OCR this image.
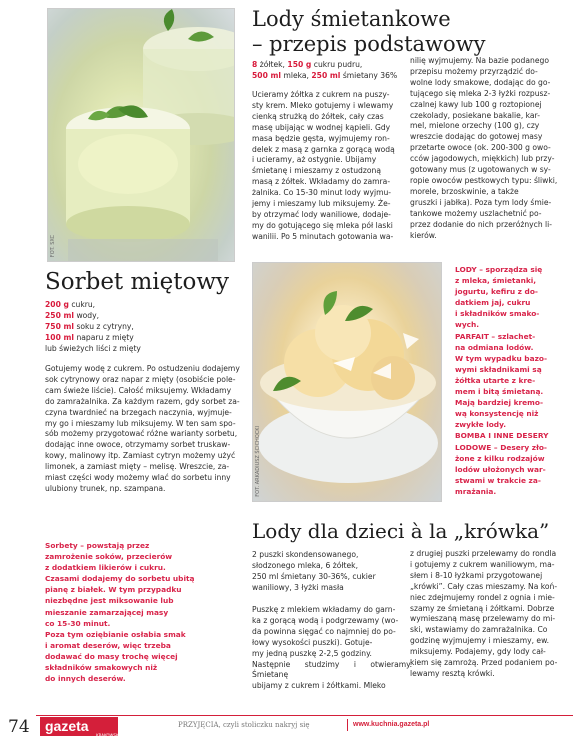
FOT. SXC
Lody śmietankowe
– przepis podstawowy
8 żółtek, 150 g cukru pudru,
500 ml mleka, 250 ml śmietany 36%

Ucieramy żółtka z cukrem na puszy-
sty krem. Mleko gotujemy i wlewamy
cienką strużką do żółtek, cały czas
masę ubijając w wodnej kąpieli. Gdy
masa będzie gęsta, wyjmujemy ron-
delek z masą z garnka z gorącą wodą
i ucieramy, aż ostygnie. Ubijamy
śmietanę i mieszamy z ostudzoną
masą z żółtek. Wkładamy do zamra-
żalnika. Co 15-30 minut lody wyjmu-
jemy i mieszamy lub miksujemy. Że-
by otrzymać lody waniliowe, dodaje-
my do gotującego się mleka pół laski
wanilii. Po 5 minutach gotowania wa-

nilię wyjmujemy. Na bazie podanego
przepisu możemy przyrządzić do-
wolne lody smakowe, dodając do go-
tującego się mleka 2-3 łyżki rozpusz-
czalnej kawy lub 100 g roztopionej
czekolady, posiekane bakalie, kar-
mel, mielone orzechy (100 g), czy
wreszcie dodając do gotowej masy
przetarte owoce (ok. 200-300 g owo-
cców jagodowych, miękkich) lub przy-
gotowany mus (z ugotowanych w sy-
ropie owoców pestkowych typu: śliwki,
morele, brzoskwinie, a także
gruszki i jabłka). Poza tym lody śmie-
tankowe możemy uszlachetnić po-
przez dodanie do nich przeróżnych li-
kierów.

Sorbet miętowy
200 g cukru,
250 ml wody,
750 ml soku z cytryny,
100 ml naparu z mięty
lub świeżych liści z mięty

Gotujemy wodę z cukrem. Po ostudzeniu dodajemy
sok cytrynowy oraz napar z mięty (osobiście pole-
cam świeże liście). Całość miksujemy. Wkładamy
do zamrażalnika. Za każdym razem, gdy sorbet za-
czyna twardnieć na brzegach naczynia, wyjmuje-
my go i mieszamy lub miksujemy. W ten sam spo-
sób możemy przygotować różne warianty sorbetu,
dodając inne owoce, otrzymamy sorbet truskaw-
kowy, malinowy itp. Zamiast cytryn możemy użyć
limonek, a zamiast mięty – melisę. Wreszcie, za-
miast części wody możemy wlać do sorbetu inny
ulubiony trunek, np. szampana.

Sorbety – powstają przez
zamrożenie soków, przecierów
z dodatkiem likierów i cukru.
Czasami dodajemy do sorbetu ubitą
pianę z białek. W tym przypadku
niezbędne jest miksowanie lub
mieszanie zamarzającej masy
co 15-30 minut.
Poza tym oziębianie osłabia smak
i aromat deserów, więc trzeba
dodawać do masy trochę więcej
składników smakowych niż
do innych deserów.
FOT. ARKADIUSZ ŚCICHOCKI
LODY – sporządza się
z mleka, śmietanki,
jogurtu, kefiru z do-
datkiem jaj, cukru
i składników smako-
wych.
PARFAIT – szlachet-
na odmiana lodów.
W tym wypadku bazo-
wymi składnikami są
żółtka utarte z kre-
mem i bitą śmietaną.
Mają bardziej kremo-
wą konsystencję niż
zwykłe lody.
BOMBA I INNE DESERY
LODOWE – Desery zło-
żone z kilku rodzajów
lodów ułożonych war-
stwami w trakcie za-
mrażania.
Lody dla dzieci à la „krówka”
2 puszki skondensowanego,
słodzonego mleka, 6 żółtek,
250 ml śmietany 30-36%, cukier
waniliowy, 3 łyżki masła

Puszkę z mlekiem wkładamy do garn-
ka z gorącą wodą i podgrzewamy (wo-
da powinna sięgać co najmniej do po-
łowy wysokości puszki). Gotuje-
my jedną puszkę 2-2,5 godziny.
Następnie studzimy i otwieramy. Śmietanę
ubijamy z cukrem i żółtkami. Mleko

z drugiej puszki przelewamy do rondla
i gotujemy z cukrem waniliowym, ma-
słem i 8-10 łyżkami przygotowanej
„krówki”. Cały czas mieszamy. Na koń-
niec zdejmujemy rondel z ognia i mie-
szamy ze śmietaną i żółtkami. Dobrze
wymieszaną masę przelewamy do mi-
ski, wstawiamy do zamrażalnika. Co
godzinę wyjmujemy i mieszamy, ew.
miksujemy. Podajemy, gdy lody cał-
kiem się zamrożą. Przed podaniem po-
lewamy resztą krówki.

74	gazeta
KRAKOWSKA
PRZYJĘCIA, czyli stoliczku nakryj się	www.kuchnia.gazeta.pl
